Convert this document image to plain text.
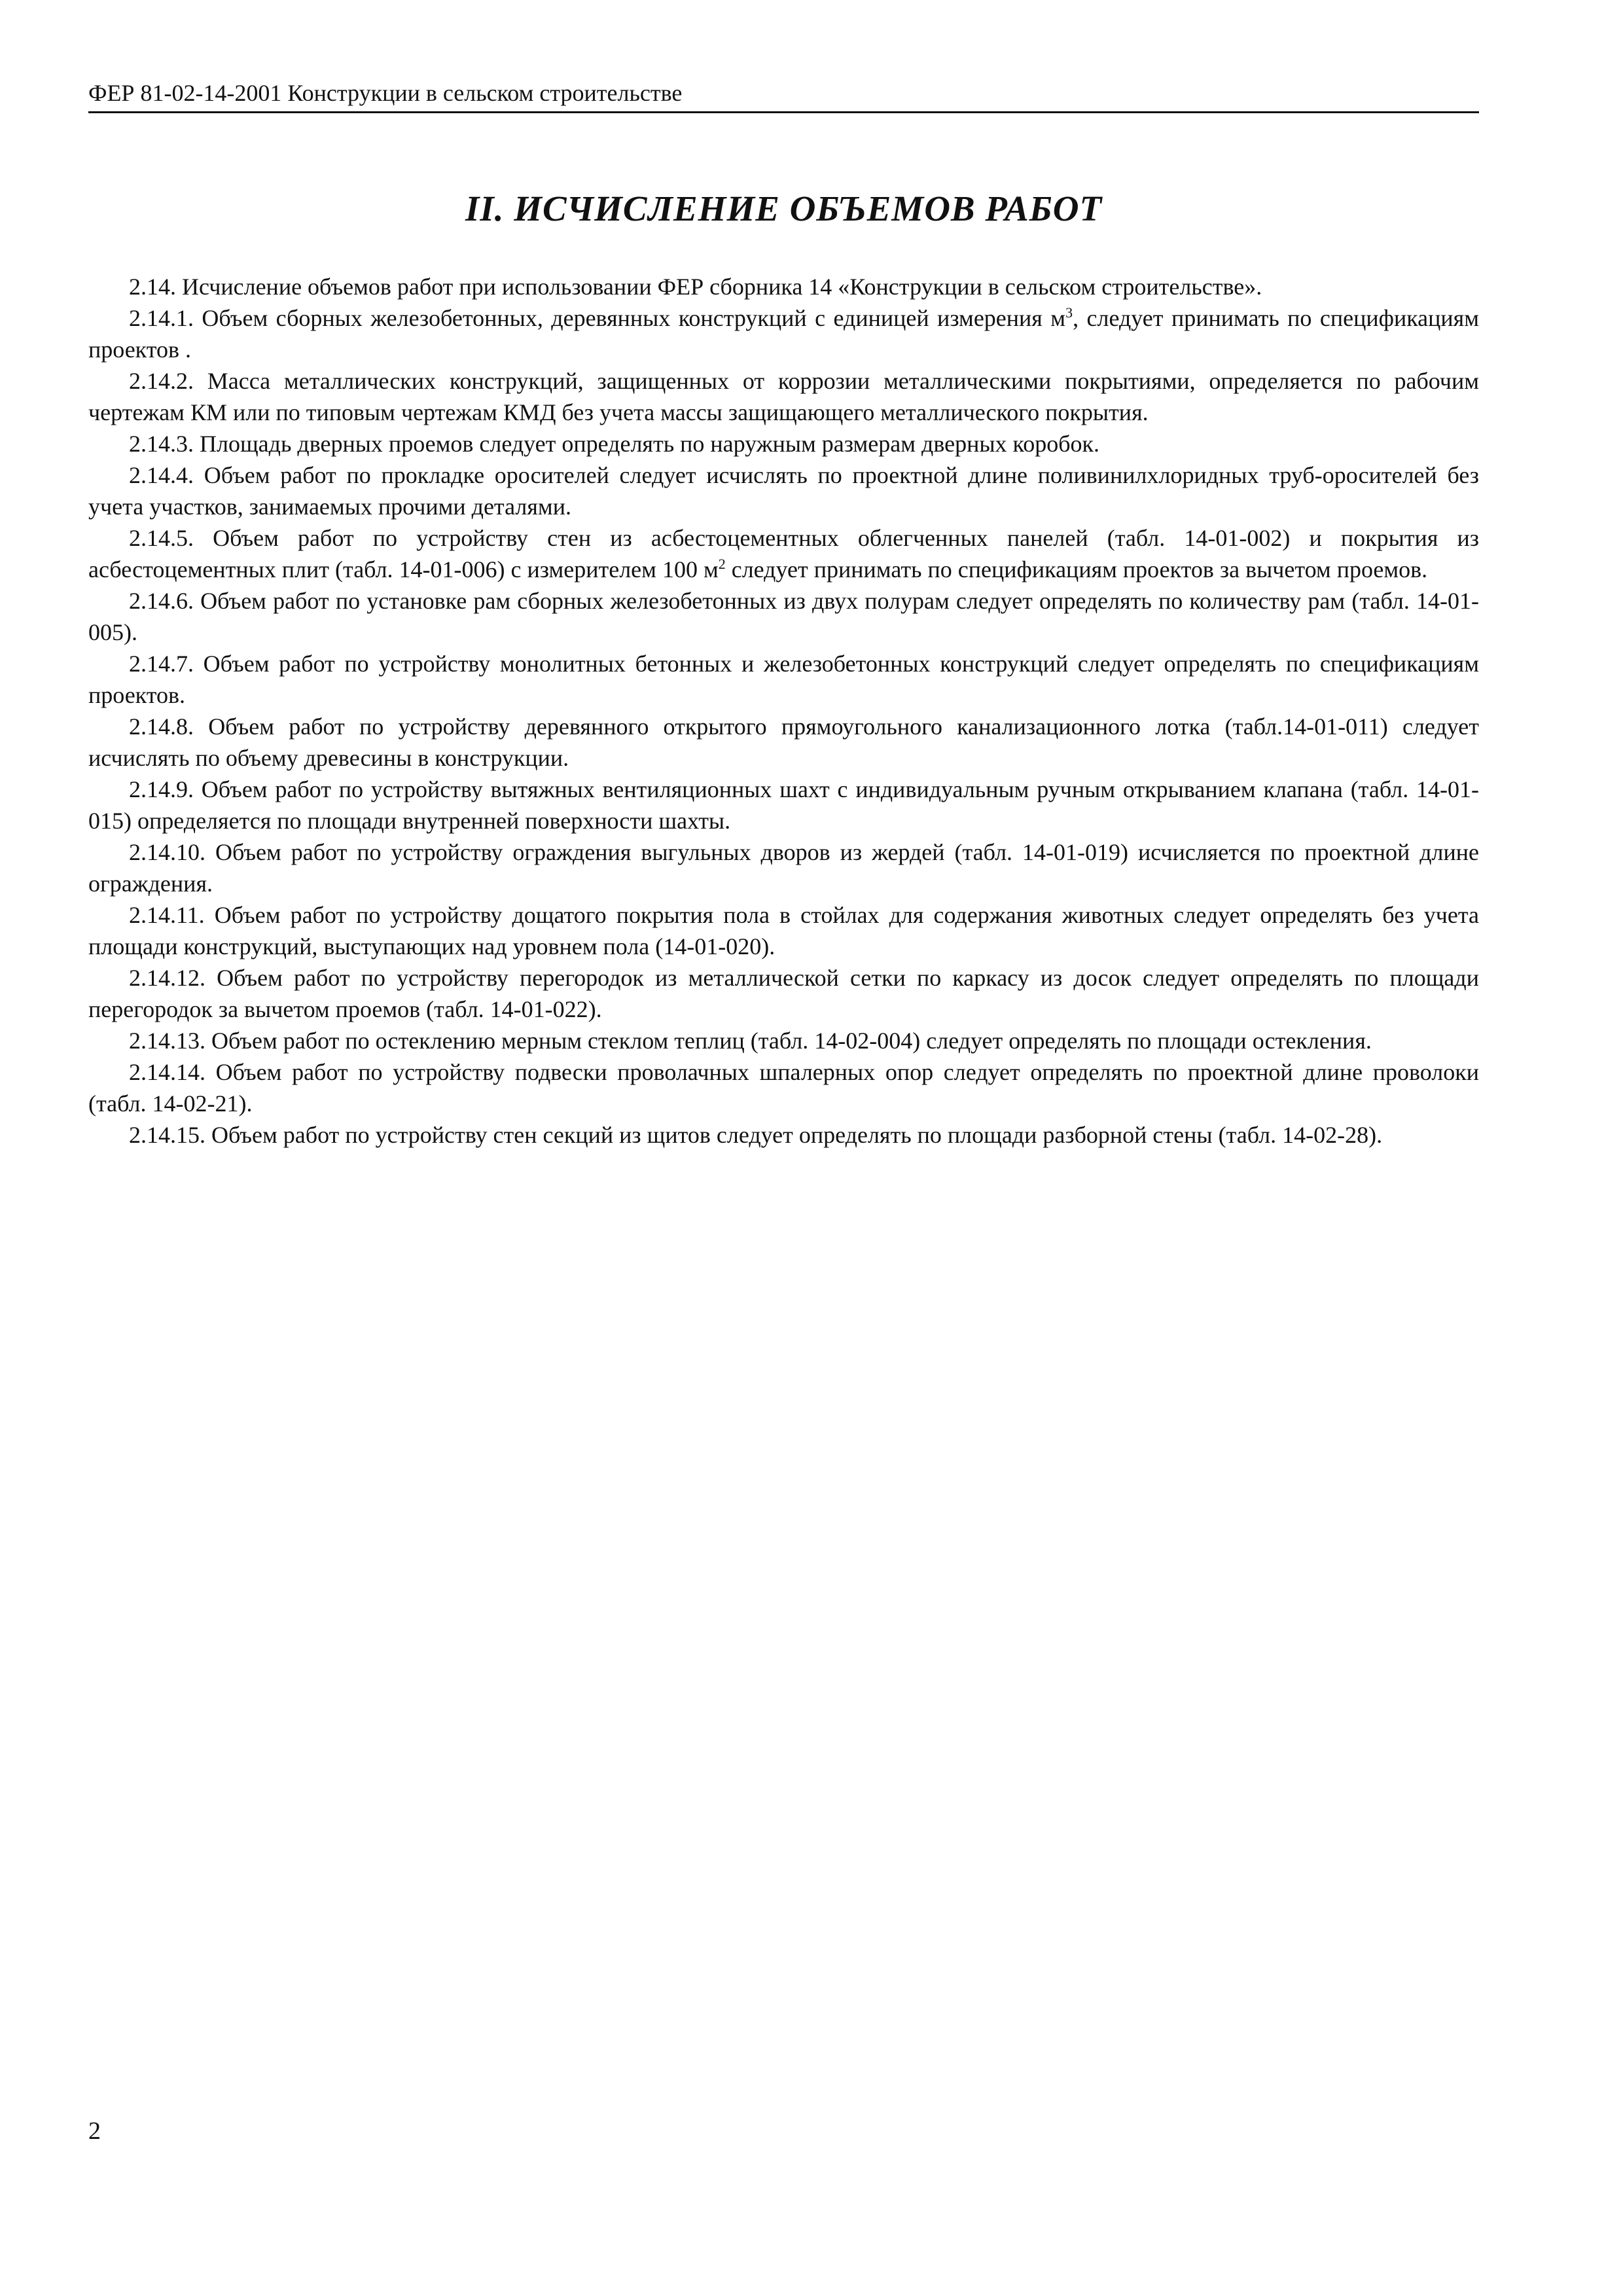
ФЕР 81-02-14-2001 Конструкции в сельском строительстве
II. ИСЧИСЛЕНИЕ ОБЪЕМОВ РАБОТ

2.14. Исчисление объемов работ при использовании ФЕР сборника 14 «Конструкции в сельском строительстве».

2.14.1. Объем сборных железобетонных, деревянных конструкций с единицей измерения $м^3$, следует принимать по спецификациям проектов .

2.14.2. Масса металлических конструкций, защищенных от коррозии металлическими покрытиями, определяется по рабочим чертежам КМ или по типовым чертежам КМД без учета массы защищающего металлического покрытия.

2.14.3. Площадь дверных проемов следует определять по наружным размерам дверных коробок.

2.14.4. Объем работ по прокладке оросителей следует исчислять по проектной длине поливинилхлоридных труб-оросителей без учета участков, занимаемых прочими деталями.

2.14.5. Объем работ по устройству стен из асбестоцементных облегченных панелей (табл. 14-01-002) и покрытия из асбестоцементных плит (табл. 14-01-006) с измерителем 100 $м^2$ следует принимать по спецификациям проектов за вычетом проемов.

2.14.6. Объем работ по установке рам сборных железобетонных из двух полурам следует определять по количеству рам (табл. 14-01-005).

2.14.7. Объем работ по устройству монолитных бетонных и железобетонных конструкций следует определять по спецификациям проектов.

2.14.8. Объем работ по устройству деревянного открытого прямоугольного канализационного лотка (табл.14-01-011) следует исчислять по объему древесины в конструкции.

2.14.9. Объем работ по устройству вытяжных вентиляционных шахт с индивидуальным ручным открыванием клапана (табл. 14-01-015) определяется по площади внутренней поверхности шахты.

2.14.10. Объем работ по устройству ограждения выгульных дворов из жердей (табл. 14-01-019) исчисляется по проектной длине ограждения.

2.14.11. Объем работ по устройству дощатого покрытия пола в стойлах для содержания животных следует определять без учета площади конструкций, выступающих над уровнем пола (14-01-020).

2.14.12. Объем работ по устройству перегородок из металлической сетки по каркасу из досок следует определять по площади перегородок за вычетом проемов (табл. 14-01-022).

2.14.13. Объем работ по остеклению мерным стеклом теплиц (табл. 14-02-004) следует определять по площади остекления.

2.14.14. Объем работ по устройству подвески проволачных шпалерных опор следует определять по проектной длине проволоки (табл. 14-02-21).

2.14.15. Объем работ по устройству стен секций из щитов следует определять по площади разборной стены (табл. 14-02-28).

2
